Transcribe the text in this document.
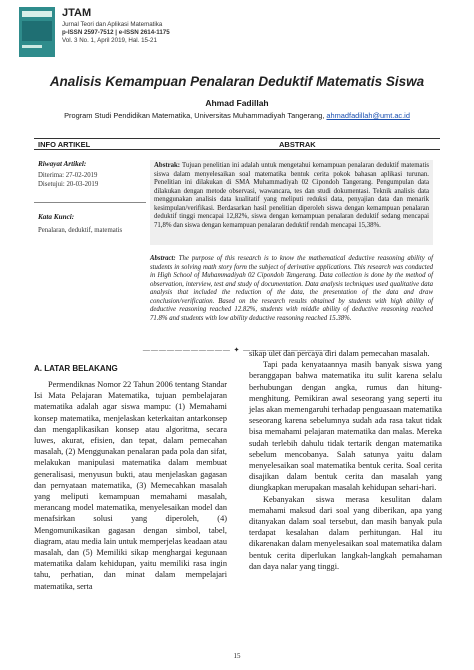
JTAM
Jurnal Teori dan Aplikasi Matematika
p-ISSN 2597-7512 | e-ISSN 2614-1175
Vol. 3 No. 1, April 2019, Hal. 15-21
Analisis Kemampuan Penalaran Deduktif Matematis Siswa
Ahmad Fadillah
Program Studi Pendidikan Matematika, Universitas Muhammadiyah Tangerang, ahmadfadillah@umt.ac.id
INFO ARTIKEL	ABSTRAK
Riwayat Artikel:
Diterima: 27-02-2019
Disetujui: 20-03-2019
Kata Kunci:
Penalaran, deduktif, matematis
Abstrak: Tujuan penelitian ini adalah untuk mengetahui kemampuan penalaran deduktif matematis siswa dalam menyelesaikan soal matematika bentuk cerita pokok bahasan aplikasi turunan. Penelitian ini dilakukan di SMA Muhammadiyah 02 Cipondoh Tangerang. Pengumpulan data dilakukan dengan metode observasi, wawancara, tes dan studi dokumentasi. Teknik analisis data menggunakan analisis data kualitatif yang meliputi reduksi data, penyajian data dan menarik kesimpulan/verifikasi. Berdasarkan hasil penelitian diperoleh siswa dengan kemampuan penalaran deduktif tinggi mencapai 12,82%, siswa dengan kemampuan penalaran deduktif sedang mencapai 71,8% dan siswa dengan kemampuan penalaran deduktif rendah mencapai 15,38%.
Abstract: The purpose of this research is to know the mathematical deductive reasoning ability of students in solving math story form the subject of derivative applications. This research was conducted in High School of Muhammadiyah 02 Cipondoh Tangerang. Data collection is done by the method of observation, interview, test and study of documentation. Data analysis techniques used qualitative data analysis that included the reduction of the data, the presentation of the data and draw conclusion/verification. Based on the research results obtained by students with high ability of deductive reasoning reached 12.82%, students with middle ability of deductive reasoning reached 71.8% and students with low ability deductive reasoning reached 15.38%.
——————————— ✦ ———————————
A. LATAR BELAKANG

Permendiknas Nomor 22 Tahun 2006 tentang Standar Isi Mata Pelajaran Matematika, tujuan pembelajaran matematika adalah agar siswa mampu: (1) Memahami konsep matematika, menjelaskan keterkaitan antarkonsep dan mengaplikasikan konsep atau algoritma, secara luwes, akurat, efisien, dan tepat, dalam pemecahan masalah, (2) Menggunakan penalaran pada pola dan sifat, melakukan manipulasi matematika dalam membuat generalisasi, menyusun bukti, atau menjelaskan gagasan dan pernyataan matematika, (3) Memecahkan masalah yang meliputi kemampuan memahami masalah, merancang model matematika, menyelesaikan model dan menafsirkan solusi yang diperoleh, (4) Mengomunikasikan gagasan dengan simbol, tabel, diagram, atau media lain untuk memperjelas keadaan atau masalah, dan (5) Memiliki sikap menghargai kegunaan matematika dalam kehidupan, yaitu memiliki rasa ingin tahu, perhatian, dan minat dalam mempelajari matematika, serta

sikap ulet dan percaya diri dalam pemecahan masalah.

Tapi pada kenyataannya masih banyak siswa yang beranggapan bahwa matematika itu sulit karena selalu berhubungan dengan angka, rumus dan hitung-menghitung. Pemikiran awal seseorang yang seperti itu jelas akan memengaruhi terhadap penguasaan matematika seseorang karena sebelumnya sudah ada rasa takut tidak bisa memahami pelajaran matematika dan malas. Mereka sudah terlebih dahulu tidak tertarik dengan matematika sebelum mencobanya. Salah satunya yaitu dalam menyelesaikan soal matematika bentuk cerita. Soal cerita disajikan dalam bentuk cerita dan masalah yang diungkapkan merupakan masalah kehidupan sehari-hari.

Kebanyakan siswa merasa kesulitan dalam memahami maksud dari soal yang diberikan, apa yang ditanyakan dalam soal tersebut, dan masih banyak pula terdapat kesalahan dalam perhitungan. Hal itu dikarenakan dalam menyelesaikan soal matematika dalam bentuk cerita diperlukan langkah-langkah pemahaman dan daya nalar yang tinggi.

15
